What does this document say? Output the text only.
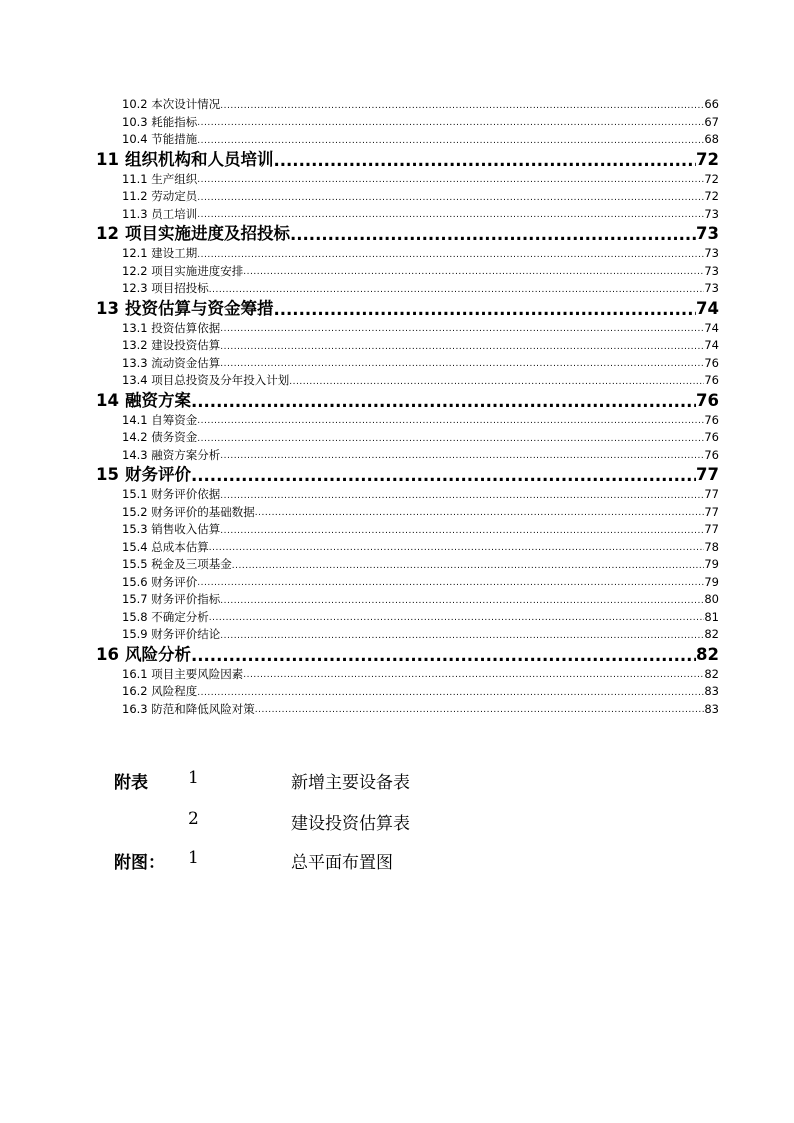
10.2 本次设计情况 .....	66
10.3 耗能指标 .....	67
10.4 节能措施 .....	68
11 组织机构和人员培训 .....	72
11.1 生产组织 .....	72
11.2 劳动定员 .....	72
11.3 员工培训 .....	73
12 项目实施进度及招投标 .....	73
12.1 建设工期 .....	73
12.2 项目实施进度安排 .....	73
12.3 项目招投标 .....	73
13 投资估算与资金筹措 .....	74
13.1 投资估算依据 .....	74
13.2 建设投资估算 .....	74
13.3 流动资金估算 .....	76
13.4 项目总投资及分年投入计划 .....	76
14 融资方案 .....	76
14.1 自筹资金 .....	76
14.2 债务资金 .....	76
14.3 融资方案分析 .....	76
15 财务评价 .....	77
15.1 财务评价依据 .....	77
15.2 财务评价的基础数据 .....	77
15.3 销售收入估算 .....	77
15.4 总成本估算 .....	78
15.5 税金及三项基金 .....	79
15.6 财务评价 .....	79
15.7 财务评价指标 .....	80
15.8 不确定分析 .....	81
15.9 财务评价结论 .....	82
16 风险分析 .....	82
16.1 项目主要风险因素 .....	82
16.2 风险程度 .....	83
16.3 防范和降低风险对策 .....	83
附表 1	新增主要设备表
2	建设投资估算表
附图： 1	总平面布置图
